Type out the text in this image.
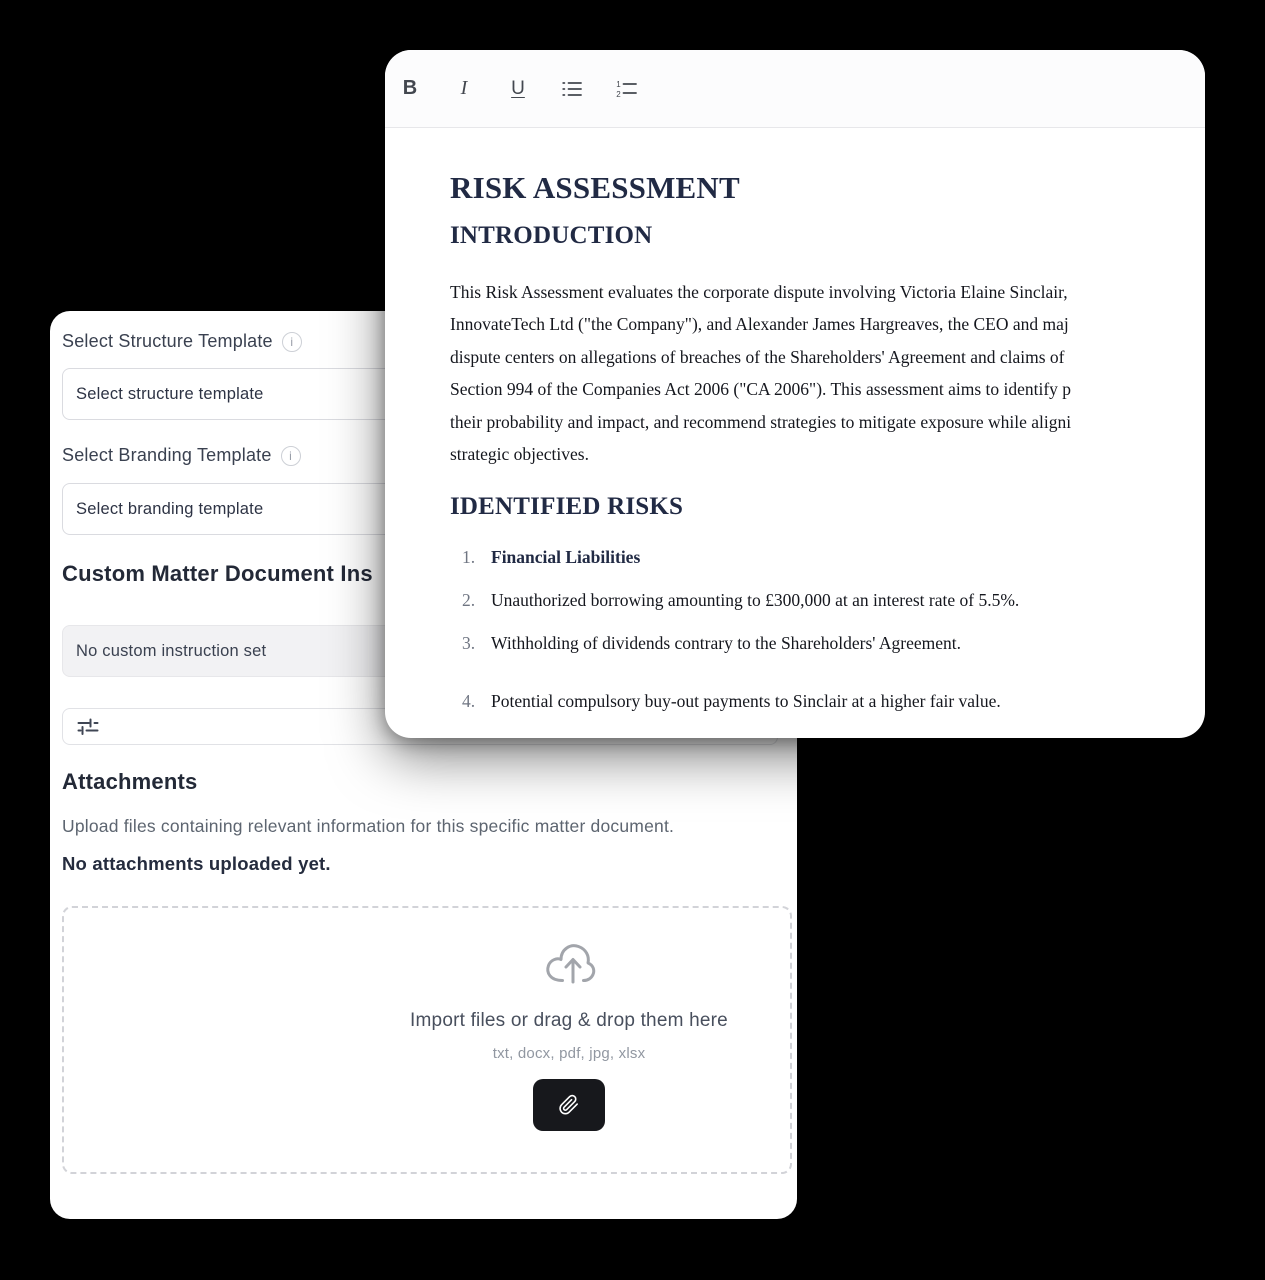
Select Structure Template i
Select structure template
Select Branding Template i
Select branding template
Custom Matter Document Ins
No custom instruction set
Attachments
Upload files containing relevant information for this specific matter document.
No attachments uploaded yet.
Import files or drag & drop them here
txt, docx, pdf, jpg, xlsx
B	I	U	1
2
RISK ASSESSMENT
INTRODUCTION
This Risk Assessment evaluates the corporate dispute involving Victoria Elaine Sinclair,
InnovateTech Ltd ("the Company"), and Alexander James Hargreaves, the CEO and maj
dispute centers on allegations of breaches of the Shareholders' Agreement and claims of
Section 994 of the Companies Act 2006 ("CA 2006"). This assessment aims to identify p
their probability and impact, and recommend strategies to mitigate exposure while aligni
strategic objectives.
IDENTIFIED RISKS
1. Financial Liabilities
2. Unauthorized borrowing amounting to £300,000 at an interest rate of 5.5%.
3. Withholding of dividends contrary to the Shareholders' Agreement.
4. Potential compulsory buy-out payments to Sinclair at a higher fair value.
